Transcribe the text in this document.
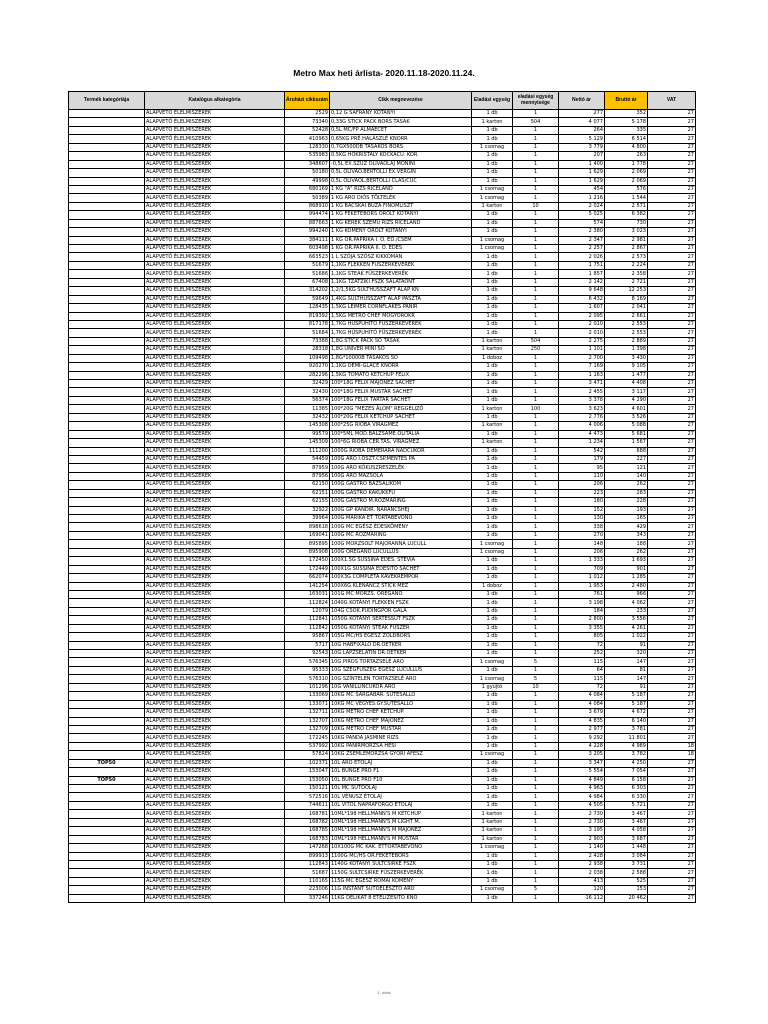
Metro Max heti árlista- 2020.11.18-2020.11.24.
Termék kategóriája	Katalógus alkategória	Áruházi cikkszám	Cikk megnevezése	Eladási egység	eladási egység mennyisége	Nettó ár	Bruttó ár	VAT
	ALAPVETŐ ÉLELMISZEREK	2529	0,12 G SÁFRÁNY KOTÁNYI	1 db	1	277	352	27
	ALAPVETŐ ÉLELMISZEREK	73340	0,33G STICK PACK BORS TASAK	1 karton	504	4 077	5 178	27
	ALAPVETŐ ÉLELMISZEREK	52428	0,5L MC/FP ALMAECET	1 db	1	264	335	27
	ALAPVETŐ ÉLELMISZEREK	410963	0,65KG PRÉ.HALÁSZLÉ KNORR	1 db	1	5 129	6 514	27
	ALAPVETŐ ÉLELMISZEREK	128330	0,7GX500DB TASAKOS BORS	1 csomag	1	3 779	4 800	27
	ALAPVETŐ ÉLELMISZEREK	535983	0,5KG HÓKRISTÁLY KOCKACU. KOR.	1 db	1	207	263	27
	ALAPVETŐ ÉLELMISZEREK	348607	-0,5L EX.SZŰZ OLÍVAOLAJ MONINI	1 db	1	1 400	1 778	27
	ALAPVETŐ ÉLELMISZEREK	50180	0,5L OLÍVAO.BERTOLLI EX.VERGIN	1 db	1	1 629	2 069	27
	ALAPVETŐ ÉLELMISZEREK	49998	0,5L OLÍVAOL.BERTOLLI CLAS/CUC	1 db	1	1 629	2 069	27
	ALAPVETŐ ÉLELMISZEREK	680169	1 KG "A" RIZS RICELAND	1 csomag	1	454	576	27
	ALAPVETŐ ÉLELMISZEREK	50389	1 KG ARO DIÓS TÖLTELÉK	1 csomag	1	1 216	1 544	27
	ALAPVETŐ ÉLELMISZEREK	868910	1 KG BÁCSKAI BÚZA FINOMLISZT	1 karton	10	2 024	2 571	27
	ALAPVETŐ ÉLELMISZEREK	994474	1 KG FEKETEBORS ŐRÖLT KOTÁNYI	1 db	1	5 025	6 382	27
	ALAPVETŐ ÉLELMISZEREK	887663	1 KG KEREK SZEMŰ RIZS RICELAND	1 db	1	574	730	27
	ALAPVETŐ ÉLELMISZEREK	994240	1 KG KÖMÉNY ŐRÖLT KOTÁNYI	1 db	1	2 380	3 023	27
	ALAPVETŐ ÉLELMISZEREK	384111	1 KG ŐR.PAPRIKA I. O. ÉD./CSEM	1 csomag	1	2 347	2 981	27
	ALAPVETŐ ÉLELMISZEREK	603498	1 KG ŐR.PAPRIKA II. O. ÉDES	1 csomag	1	2 257	2 867	27
	ALAPVETŐ ÉLELMISZEREK	663523	1 L SZÓJA SZÓSZ KIKKOMAN	1 db	1	2 026	2 573	27
	ALAPVETŐ ÉLELMISZEREK	51679	1,1KG FLEKKEN FŰSZERKEVERÉK	1 db	1	1 751	2 224	27
	ALAPVETŐ ÉLELMISZEREK	51686	1,1KG STEAK FŰSZERKEVERÉK	1 db	1	1 857	2 358	27
	ALAPVETŐ ÉLELMISZEREK	67408	1,1KG TZATZIKI FSZK SALÁTAÖNT	1 db	1	2 142	2 721	27
	ALAPVETŐ ÉLELMISZEREK	314202	1,2/1,5KG SULTHÜSSZAFT ALAP KN	1 db	1	9 648	12 253	27
	ALAPVETŐ ÉLELMISZEREK	59649	1,4KG SULTHÜSSZAFT ALAP PASZTA	1 db	1	6 432	8 169	27
	ALAPVETŐ ÉLELMISZEREK	128435	1,5KG LEIMER CORNFLAKES PANÍR	1 db	1	1 607	2 041	27
	ALAPVETŐ ÉLELMISZEREK	819392	1,5KG METRO CHEF MOGYORÓKR	1 db	1	2 095	2 661	27
	ALAPVETŐ ÉLELMISZEREK	817178	1,7KG HÚSPUHÍTÓ FŰSZERKEVERÉK	1 db	1	2 010	2 553	27
	ALAPVETŐ ÉLELMISZEREK	51684	1,7KG HÚSPUHÍTÓ FŰSZERKEVERÉK	1 db	1	2 010	2 553	27
	ALAPVETŐ ÉLELMISZEREK	73388	1,8G STICK PACK SÓ TASAK	1 karton	504	2 275	2 889	27
	ALAPVETŐ ÉLELMISZEREK	28318	1,8G UNIVER MINI SÓ	1 karton	250	1 101	1 398	27
	ALAPVETŐ ÉLELMISZEREK	109498	1,8G*10000B TASAKOS SÓ	1 doboz	1	2 700	3 430	27
	ALAPVETŐ ÉLELMISZEREK	920270	1,1KG DEMI-GLACE KNORR	1 db	1	7 169	9 105	27
	ALAPVETŐ ÉLELMISZEREK	282296	1,5KG TOMATO KETCHUP FELIX	1 db	1	1 163	1 477	27
	ALAPVETŐ ÉLELMISZEREK	32429	100*18G FELIX MAJONÉZ SACHET	1 db	1	3 471	4 408	27
	ALAPVETŐ ÉLELMISZEREK	32430	100*18G FELIX MUSTÁR SACHET	1 db	1	2 455	3 117	27
	ALAPVETŐ ÉLELMISZEREK	56374	100*18G FELIX TARTÁR SACHET	1 db	1	3 378	4 290	27
	ALAPVETŐ ÉLELMISZEREK	11385	100*20G "MÉZES ÁLOM" REGGELIZŐ	1 karton	100	3 623	4 601	27
	ALAPVETŐ ÉLELMISZEREK	32432	100*20G FELIX KETCHUP SACHET	1 db	1	2 776	3 526	27
	ALAPVETŐ ÉLELMISZEREK	145308	100*25G RIOBA VIRÁGMÉZ	1 karton	1	4 006	5 088	27
	ALAPVETŐ ÉLELMISZEREK	99579	100*5ML MOD.BALZSAME.OLITALIA	1 db	1	4 473	5 681	27
	ALAPVETŐ ÉLELMISZEREK	145309	100*6G RIOBA CER.TAS. VIRÁGMÉZ	1 karton	1	1 234	1 567	27
	ALAPVETŐ ÉLELMISZEREK	111200	1000G RIOBA DEMERARA NÁDCUKOR	1 db	1	542	688	27
	ALAPVETŐ ÉLELMISZEREK	54459	100G ARO I.OSZT.CSP.MENTES PA	1 db	1	179	227	27
	ALAPVETŐ ÉLELMISZEREK	87959	100G ARO KÓKUSZRESZELÉK	1 db	1	95	121	27
	ALAPVETŐ ÉLELMISZEREK	87956	100G ARO MAZSOLA	1 db	1	110	140	27
	ALAPVETŐ ÉLELMISZEREK	62150	100G GASTRO BAZSALIKOM	1 db	1	206	262	27
	ALAPVETŐ ÉLELMISZEREK	62151	100G GASTRO KAKUKKFŰ	1 db	1	223	283	27
	ALAPVETŐ ÉLELMISZEREK	62155	100G GASTRO M.ROZMARING	1 db	1	180	228	27
	ALAPVETŐ ÉLELMISZEREK	32922	100G GP KANDÍR. NARANCSHÉJ	1 db	1	152	193	27
	ALAPVETŐ ÉLELMISZEREK	39964	100G MARIKA ÉT TORTABEVONÓ	1 db	1	130	165	27
	ALAPVETŐ ÉLELMISZEREK	898618	100G MC EGÉSZ ÉDESKÖMÉNY	1 db	1	338	429	27
	ALAPVETŐ ÉLELMISZEREK	169041	100G MC ROZMARING	1 db	1	270	343	27
	ALAPVETŐ ÉLELMISZEREK	895895	100G MORZSOLT MAJORANNA LUCULL	1 csomag	1	148	188	27
	ALAPVETŐ ÉLELMISZEREK	895908	100G OREGANO LUCULLUS	1 csomag	1	206	262	27
	ALAPVETŐ ÉLELMISZEREK	172450	100X1.5G SUSSINA ÉDES. STEVIA	1 db	1	1 333	1 693	27
	ALAPVETŐ ÉLELMISZEREK	172449	100X1G SUSSINA ÉDESÍTŐ SACHET	1 db	1	709	901	27
	ALAPVETŐ ÉLELMISZEREK	662074	100X3G COMPLETA KÁVÉKRÉMPOR	1 db	1	1 012	1 285	27
	ALAPVETŐ ÉLELMISZEREK	141254	100X6G KLENÁNCZ STICK MÉZ	1 doboz	1	1 953	2 480	27
	ALAPVETŐ ÉLELMISZEREK	163031	101G MC MORZS. OREGÁNÓ	1 db	1	761	966	27
	ALAPVETŐ ÉLELMISZEREK	112824	1040G KOTÁNYI FLEKKEN FSZK	1 db	1	3 198	4 062	27
	ALAPVETŐ ÉLELMISZEREK	12079	104G CSOK.PUDINGPOR GÁLA	1 db	1	184	233	27
	ALAPVETŐ ÉLELMISZEREK	112841	1050G KOTÁNYI SERTÉSSÜT FSZK	1 db	1	2 800	3 556	27
	ALAPVETŐ ÉLELMISZEREK	112842	1050G KOTÁNYI STEAK FŰSZER	1 db	1	3 355	4 261	27
	ALAPVETŐ ÉLELMISZEREK	95867	105G MC/HS EGÉSZ ZOLDBORS	1 db	1	805	1 022	27
	ALAPVETŐ ÉLELMISZEREK	5717	10G HABFIXÁLÓ DR.OETKER	1 db	1	72	91	27
	ALAPVETŐ ÉLELMISZEREK	92543	10G LAPZSELATIN DR.OETKER	1 db	1	252	320	27
	ALAPVETŐ ÉLELMISZEREK	576345	10G PIROS TORTAZSELÉ ARO	1 csomag	5	115	147	27
	ALAPVETŐ ÉLELMISZEREK	95333	10G SZEGFŰSZEG EGÉSZ LUCULLUS	1 db	1	64	81	27
	ALAPVETŐ ÉLELMISZEREK	576310	10G SZÍNTELEN TORTAZSELÉ ARO	1 csomag	5	115	147	27
	ALAPVETŐ ÉLELMISZEREK	101296	10G VANILLINCUKOR ARO	1 gyűjtő	10	72	91	27
	ALAPVETŐ ÉLELMISZEREK	133069	10KG MC SÁRGABAR. SÜTÉSÁLLÓ	1 db	1	4 084	5 187	27
	ALAPVETŐ ÉLELMISZEREK	133071	10KG MC VEGYES.GY.SÜTÉSÁLLÓ	1 db	1	4 084	5 187	27
	ALAPVETŐ ÉLELMISZEREK	132711	10KG METRO CHEF KETCHUP	1 db	1	3 679	4 672	27
	ALAPVETŐ ÉLELMISZEREK	132707	10KG METRO CHEF MAJONÉZ	1 db	1	4 835	6 140	27
	ALAPVETŐ ÉLELMISZEREK	132709	10KG METRO CHEF MUSTÁR	1 db	1	2 977	3 781	27
	ALAPVETŐ ÉLELMISZEREK	172245	10KG PANDA JASMINE RIZS	1 db	1	9 292	11 801	27
	ALAPVETŐ ÉLELMISZEREK	537992	10KG PANÍRMORZSA HESI	1 db	1	4 228	4 989	18
	ALAPVETŐ ÉLELMISZEREK	57824	10KG ZSEMLEMORZSA GYŐRI ÁFÉSZ	1 csomag	1	3 205	3 782	18
TOP50	ALAPVETŐ ÉLELMISZEREK	102371	10L ARO ÉTOLAJ	1 db	1	3 347	4 250	27
	ALAPVETŐ ÉLELMISZEREK	153047	10L BUNGE PRO F1	1 db	1	5 554	7 054	27
TOP50	ALAPVETŐ ÉLELMISZEREK	153050	10L BUNGE PRO F10	1 db	1	4 849	6 158	27
	ALAPVETŐ ÉLELMISZEREK	150121	10L MC SÜTŐOLAJ	1 db	1	4 963	6 303	27
	ALAPVETŐ ÉLELMISZEREK	572516	10L VÉNUSZ ÉTOLAJ	1 db	1	4 984	6 330	27
	ALAPVETŐ ÉLELMISZEREK	744611	10L VITOL NAPRAFORGÓ ÉTOLAJ	1 db	1	4 505	5 721	27
	ALAPVETŐ ÉLELMISZEREK	168781	10ML*198 HELLMANN'S M KETCHUP	1 karton	1	2 730	3 467	27
	ALAPVETŐ ÉLELMISZEREK	168782	10ML*198 HELLMANN'S M LIGHT M.	1 karton	1	2 730	3 467	27
	ALAPVETŐ ÉLELMISZEREK	168785	10ML*198 HELLMANN'S M MAJONÉZ	1 karton	1	3 195	4 058	27
	ALAPVETŐ ÉLELMISZEREK	168783	10ML*198 HELLMANN'S M MUSTÁR	1 karton	1	2 903	3 687	27
	ALAPVETŐ ÉLELMISZEREK	147268	10X100G MC KAK. ÉTTORTABEVONÓ	1 csomag	1	1 140	1 448	27
	ALAPVETŐ ÉLELMISZEREK	899913	1100G MC/HS ŐR.FEKETEBORS	1 db	1	2 428	3 084	27
	ALAPVETŐ ÉLELMISZEREK	112843	1140G KOTÁNYI SULTCSIRKE FSZK	1 db	1	2 938	3 731	27
	ALAPVETŐ ÉLELMISZEREK	51687	1150G SULTCSIRKE FŰSZERKEVERÉK	1 db	1	2 038	2 588	27
	ALAPVETŐ ÉLELMISZEREK	110165	115G MC EGÉSZ RÓMAI KÖMÉNY	1 db	1	413	525	27
	ALAPVETŐ ÉLELMISZEREK	223006	11G INSTANT SÜTŐÉLESZTŐ ARO	1 csomag	5	120	153	27
	ALAPVETŐ ÉLELMISZEREK	337246	11KG DELIKÁT 8 ÉTELÍZESÍTŐ KNO	1 db	1	16 112	20 462	27
1. oldal
